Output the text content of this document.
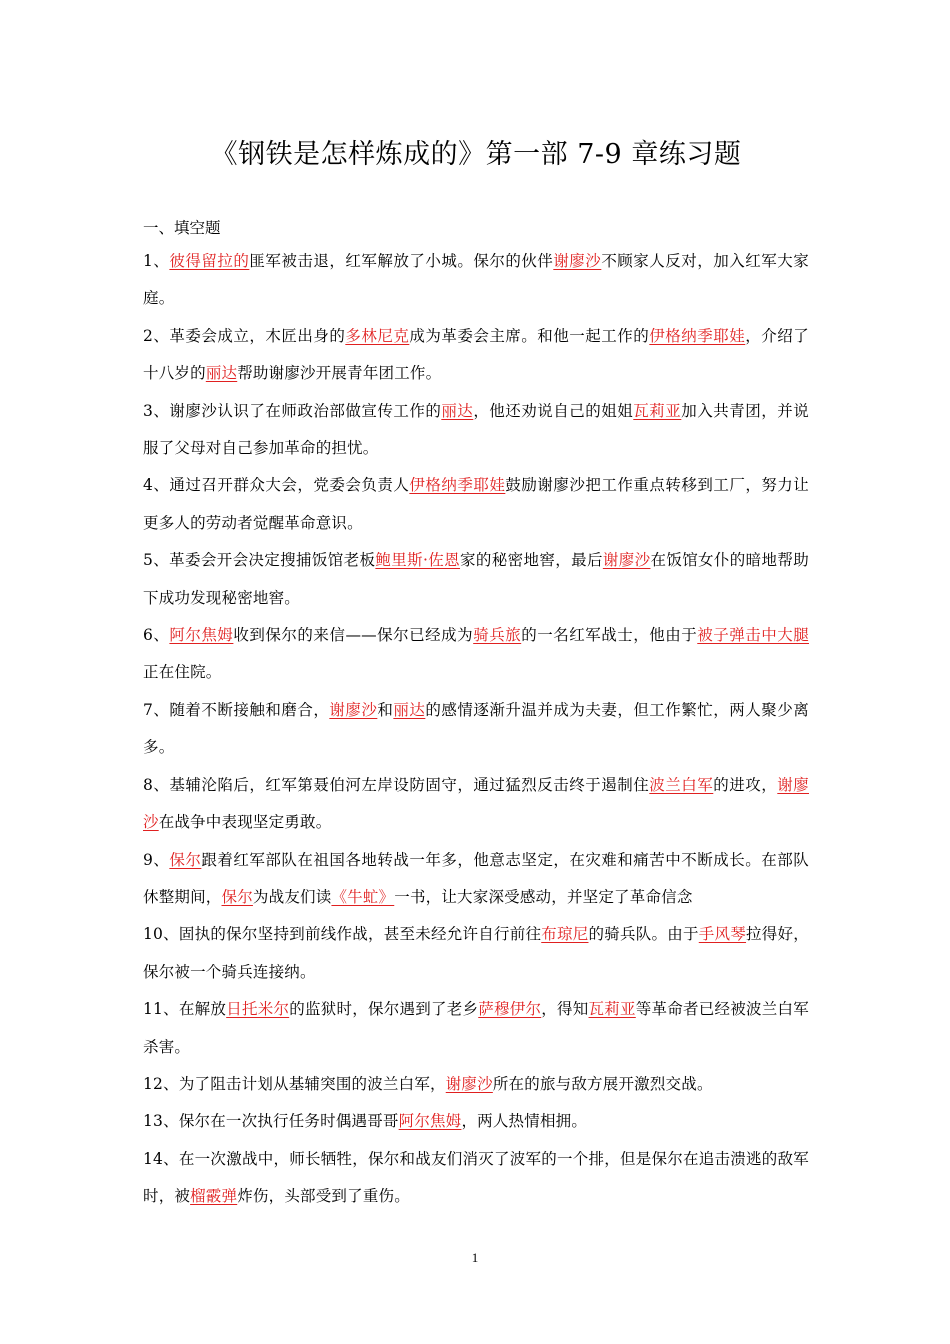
《钢铁是怎样炼成的》第一部 7-9 章练习题
一、填空题

1、彼得留拉的匪军被击退，红军解放了小城。保尔的伙伴谢廖沙不顾家人反对，加入红军大家庭。

2、革委会成立，木匠出身的多林尼克成为革委会主席。和他一起工作的伊格纳季耶娃，介绍了十八岁的丽达帮助谢廖沙开展青年团工作。

3、谢廖沙认识了在师政治部做宣传工作的丽达，他还劝说自己的姐姐瓦莉亚加入共青团，并说服了父母对自己参加革命的担忧。

4、通过召开群众大会，党委会负责人伊格纳季耶娃鼓励谢廖沙把工作重点转移到工厂，努力让更多人的劳动者觉醒革命意识。

5、革委会开会决定搜捕饭馆老板鲍里斯·佐恩家的秘密地窖，最后谢廖沙在饭馆女仆的暗地帮助下成功发现秘密地窖。

6、阿尔焦姆收到保尔的来信——保尔已经成为骑兵旅的一名红军战士，他由于被子弹击中大腿正在住院。

7、随着不断接触和磨合，谢廖沙和丽达的感情逐渐升温并成为夫妻，但工作繁忙，两人聚少离多。

8、基辅沦陷后，红军第聂伯河左岸设防固守，通过猛烈反击终于遏制住波兰白军的进攻，谢廖沙在战争中表现坚定勇敢。

9、保尔跟着红军部队在祖国各地转战一年多，他意志坚定，在灾难和痛苦中不断成长。在部队休整期间，保尔为战友们读《牛虻》一书，让大家深受感动，并坚定了革命信念

10、固执的保尔坚持到前线作战，甚至未经允许自行前往布琼尼的骑兵队。由于手风琴拉得好，保尔被一个骑兵连接纳。

11、在解放日托米尔的监狱时，保尔遇到了老乡萨穆伊尔，得知瓦莉亚等革命者已经被波兰白军杀害。

12、为了阻击计划从基辅突围的波兰白军，谢廖沙所在的旅与敌方展开激烈交战。

13、保尔在一次执行任务时偶遇哥哥阿尔焦姆，两人热情相拥。

14、在一次激战中，师长牺牲，保尔和战友们消灭了波军的一个排，但是保尔在追击溃逃的敌军时，被榴霰弹炸伤，头部受到了重伤。

1
